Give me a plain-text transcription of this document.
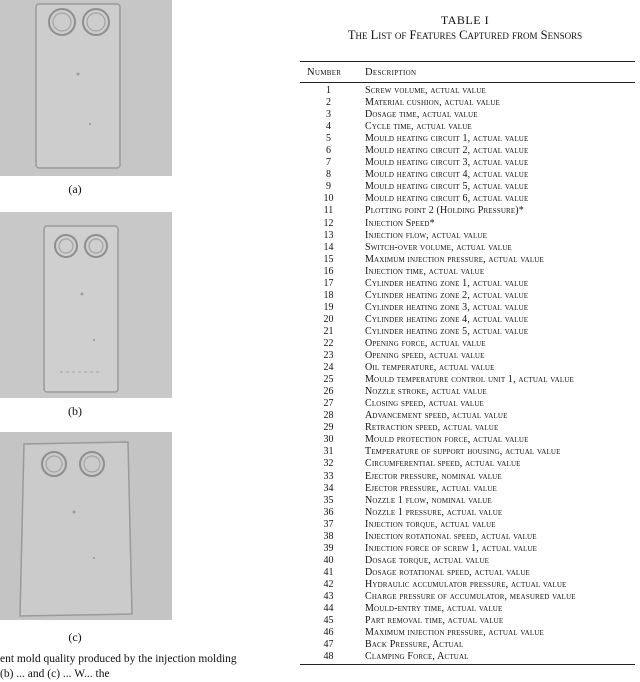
(a)
(b)
(c)
ent mold quality produced by the injection molding
(b) ... and (c) ... W... the
TABLE I
The List of Features Captured from Sensors
Number Description
1	Screw volume, actual value
2	Material cushion, actual value
3	Dosage time, actual value
4	Cycle time, actual value
5	Mould heating circuit 1, actual value
6	Mould heating circuit 2, actual value
7	Mould heating circuit 3, actual value
8	Mould heating circuit 4, actual value
9	Mould heating circuit 5, actual value
10	Mould heating circuit 6, actual value
11	Plotting point 2 (Holding Pressure)*
12	Injection Speed*
13	Injection flow, actual value
14	Switch-over volume, actual value
15	Maximum injection pressure, actual value
16	Injection time, actual value
17	Cylinder heating zone 1, actual value
18	Cylinder heating zone 2, actual value
19	Cylinder heating zone 3, actual value
20	Cylinder heating zone 4, actual value
21	Cylinder heating zone 5, actual value
22	Opening force, actual value
23	Opening speed, actual value
24	Oil temperature, actual value
25	Mould temperature control unit 1, actual value
26	Nozzle stroke, actual value
27	Closing speed, actual value
28	Advancement speed, actual value
29	Retraction speed, actual value
30	Mould protection force, actual value
31	Temperature of support housing, actual value
32	Circumferential speed, actual value
33	Ejector pressure, nominal value
34	Ejector pressure, actual value
35	Nozzle 1 flow, nominal value
36	Nozzle 1 pressure, actual value
37	Injection torque, actual value
38	Injection rotational speed, actual value
39	Injection force of screw 1, actual value
40	Dosage torque, actual value
41	Dosage rotational speed, actual value
42	Hydraulic accumulator pressure, actual value
43	Charge pressure of accumulator, measured value
44	Mould-entry time, actual value
45	Part removal time, actual value
46	Maximum injection pressure, actual value
47	Back Pressure, Actual
48	Clamping Force, Actual
